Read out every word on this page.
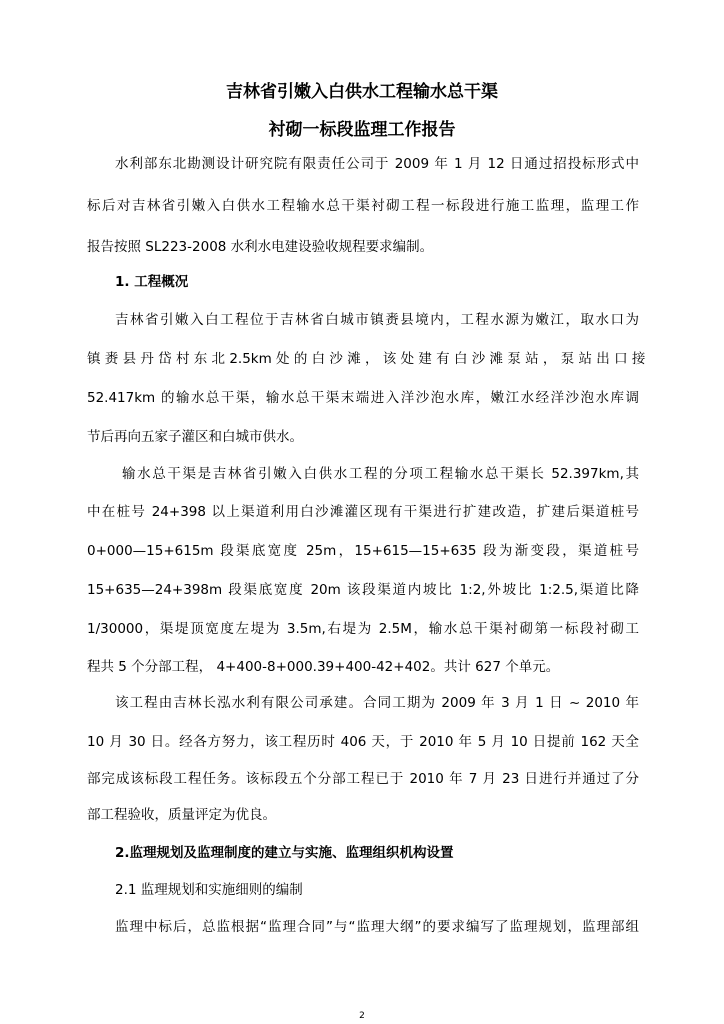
吉林省引嫩入白供水工程输水总干渠
衬砌一标段监理工作报告

水利部东北勘测设计研究院有限责任公司于 2009 年 1 月 12 日通过招投标形式中

标后对吉林省引嫩入白供水工程输水总干渠衬砌工程一标段进行施工监理，监理工作

报告按照 SL223-2008 水利水电建设验收规程要求编制。

1. 工程概况

吉林省引嫩入白工程位于吉林省白城市镇赉县境内，工程水源为嫩江，取水口为

镇 赉 县 丹 岱 村 东 北 2.5km 处 的 白 沙 滩 ， 该 处 建 有 白 沙 滩 泵 站 ， 泵 站 出 口 接

52.417km 的输水总干渠，输水总干渠末端进入洋沙泡水库，嫩江水经洋沙泡水库调

节后再向五家子灌区和白城市供水。

输水总干渠是吉林省引嫩入白供水工程的分项工程输水总干渠长 52.397km,其

中在桩号 24+398 以上渠道利用白沙滩灌区现有干渠进行扩建改造，扩建后渠道桩号

0+000—15+615m 段渠底宽度 25m，15+615—15+635 段为渐变段，渠道桩号

15+635—24+398m 段渠底宽度 20m 该段渠道内坡比 1:2,外坡比 1:2.5,渠道比降

1/30000，渠堤顶宽度左堤为 3.5m,右堤为 2.5M，输水总干渠衬砌第一标段衬砌工

程共 5 个分部工程， 4+400-8+000.39+400-42+402。共计 627 个单元。

该工程由吉林长泓水利有限公司承建。合同工期为 2009 年 3 月 1 日 ~ 2010 年

10 月 30 日。经各方努力，该工程历时 406 天，于 2010 年 5 月 10 日提前 162 天全

部完成该标段工程任务。该标段五个分部工程已于 2010 年 7 月 23 日进行并通过了分

部工程验收，质量评定为优良。

2.监理规划及监理制度的建立与实施、监理组织机构设置

2.1 监理规划和实施细则的编制

监理中标后，总监根据“监理合同”与“监理大纲”的要求编写了监理规划，监理部组

2
